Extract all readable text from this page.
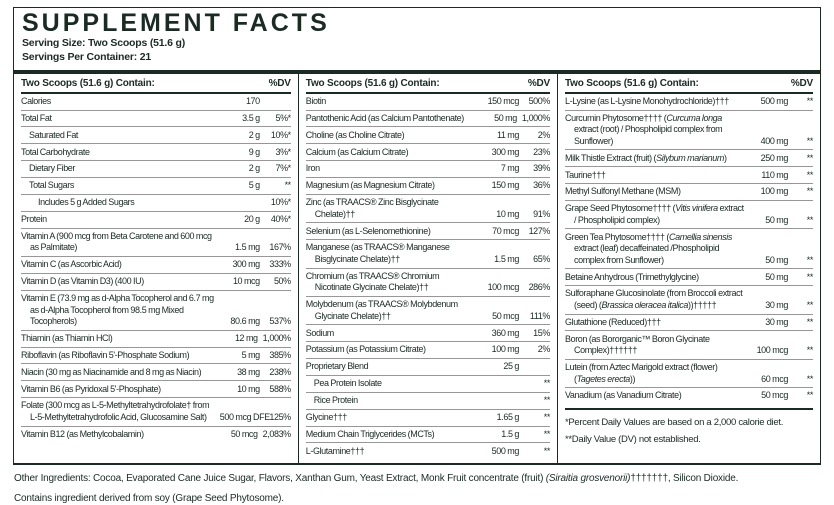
SUPPLEMENT FACTS
Serving Size: Two Scoops (51.6 g)
Servings Per Container: 21
Two Scoops (51.6 g) Contain:	%DV
Calories	170
Total Fat	3.5 g	5%*
Saturated Fat	2 g	10%*
Total Carbohydrate	9 g	3%*
Dietary Fiber	2 g	7%*
Total Sugars	5 g	**
Includes 5 g Added Sugars	10%*
Protein	20 g	40%*
Vitamin A (900 mcg from Beta Carotene and 600 mcg as Palmitate)	1.5 mg	167%
Vitamin C (as Ascorbic Acid)	300 mg	333%
Vitamin D (as Vitamin D3) (400 IU)	10 mcg	50%
Vitamin E (73.9 mg as d-Alpha Tocopherol and 6.7 mg as d-Alpha Tocopherol from 98.5 mg Mixed Tocopherols)	80.6 mg	537%
Thiamin (as Thiamin HCl)	12 mg 1,000%
Riboflavin (as Riboflavin 5'-Phosphate Sodium)	5 mg	385%
Niacin (30 mg as Niacinamide and 8 mg as Niacin)	38 mg	238%
Vitamin B6 (as Pyridoxal 5'-Phosphate)	10 mg	588%
Folate (300 mcg as L-5-Methyltetrahydrofolate† from L-5-Methyltetrahydrofolic Acid, Glucosamine Salt)	500 mcg DFE 125%
Vitamin B12 (as Methylcobalamin)	50 mcg 2,083%
Two Scoops (51.6 g) Contain:	%DV
Biotin	150 mcg	500%
Pantothenic Acid (as Calcium Pantothenate)	50 mg 1,000%
Choline (as Choline Citrate)	11 mg	2%
Calcium (as Calcium Citrate)	300 mg	23%
Iron	7 mg	39%
Magnesium (as Magnesium Citrate)	150 mg	36%
Zinc (as TRAACS® Zinc Bisglycinate Chelate)††	10 mg	91%
Selenium (as L-Selenomethionine)	70 mcg	127%
Manganese (as TRAACS® Manganese Bisglycinate Chelate)††	1.5 mg	65%
Chromium (as TRAACS® Chromium Nicotinate Glycinate Chelate)††	100 mcg	286%
Molybdenum (as TRAACS® Molybdenum Glycinate Chelate)††	50 mcg	111%
Sodium	360 mg	15%
Potassium (as Potassium Citrate)	100 mg	2%
Proprietary Blend	25 g
Pea Protein Isolate	**
Rice Protein	**
Glycine†††	1.65 g	**
Medium Chain Triglycerides (MCTs)	1.5 g	**
L-Glutamine†††	500 mg	**
Two Scoops (51.6 g) Contain:	%DV
L-Lysine (as L-Lysine Monohydrochloride)†††	500 mg	**
Curcumin Phytosome†††† (Curcuma longa extract (root) / Phospholipid complex from Sunflower)	400 mg	**
Milk Thistle Extract (fruit) (Silybum marianum)	250 mg	**
Taurine†††	110 mg	**
Methyl Sulfonyl Methane (MSM)	100 mg	**
Grape Seed Phytosome†††† (Vitis vinifera extract / Phospholipid complex)	50 mg	**
Green Tea Phytosome†††† (Camellia sinensis extract (leaf) decaffeinated /Phospholipid complex from Sunflower)	50 mg	**
Betaine Anhydrous (Trimethylglycine)	50 mg	**
Sulforaphane Glucosinolate (from Broccoli extract (seed) (Brassica oleracea italica))†††††	30 mg	**
Glutathione (Reduced)†††	30 mg	**
Boron (as Bororganic™ Boron Glycinate Complex)††††††	100 mcg	**
Lutein (from Aztec Marigold extract (flower) (Tagetes erecta))	60 mcg	**
Vanadium (as Vanadium Citrate)	50 mcg	**
*Percent Daily Values are based on a 2,000 calorie diet.
**Daily Value (DV) not established.
Other Ingredients: Cocoa, Evaporated Cane Juice Sugar, Flavors, Xanthan Gum, Yeast Extract, Monk Fruit concentrate (fruit) (Siraitia grosvenorii)†††††††, Silicon Dioxide.
Contains ingredient derived from soy (Grape Seed Phytosome).
